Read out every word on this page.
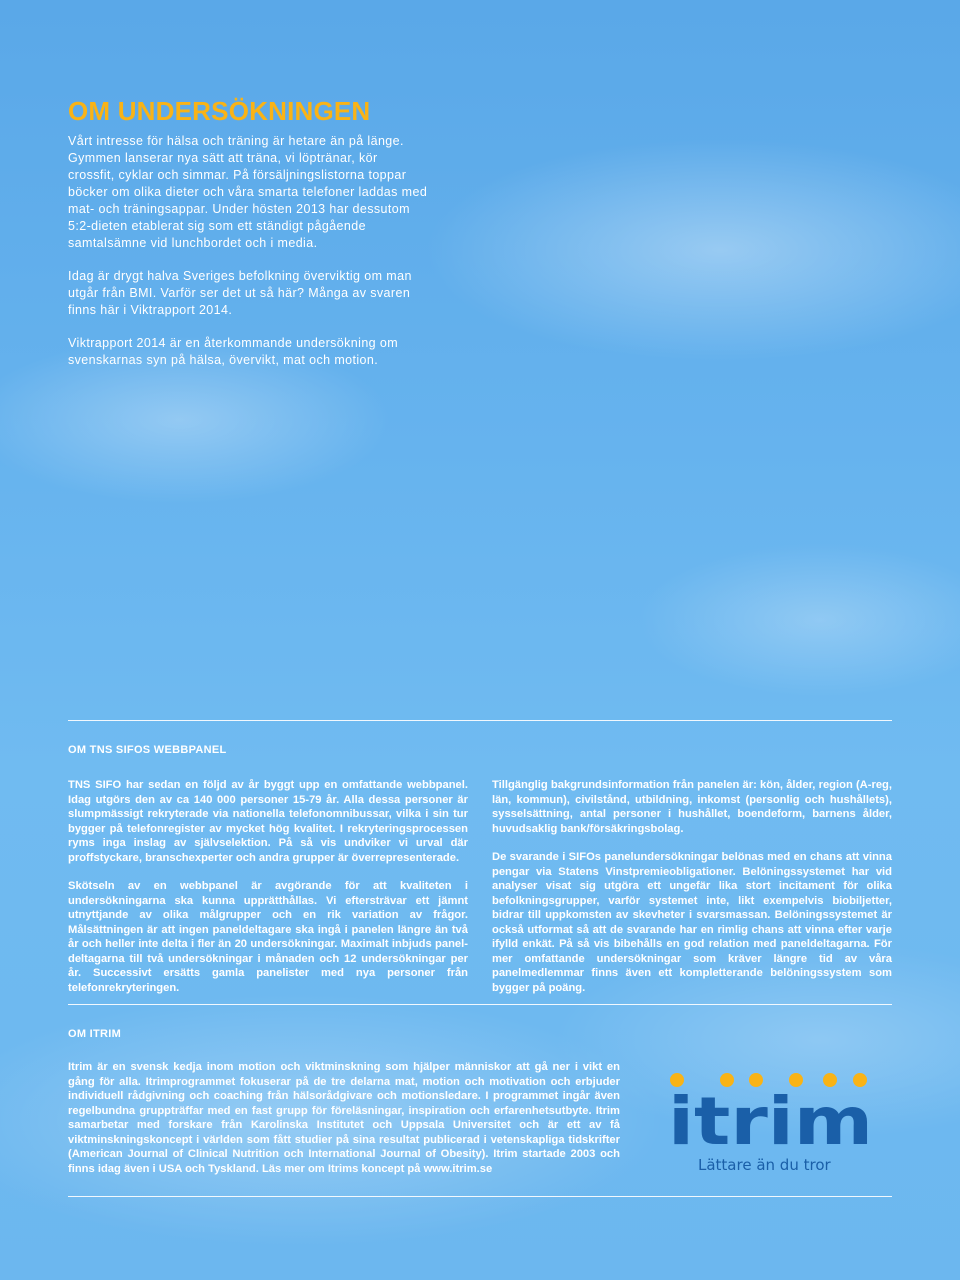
OM UNDERSÖKNINGEN

Vårt intresse för hälsa och träning är hetare än på länge. Gymmen lanserar nya sätt att träna, vi löptränar, kör crossfit, cyklar och simmar. På försäljningslistorna toppar böcker om olika dieter och våra smarta telefoner laddas med mat- och träningsappar. Under hösten 2013 har dessutom 5:2-dieten etablerat sig som ett ständigt pågående samtalsämne vid lunchbordet och i media.

Idag är drygt halva Sveriges befolkning överviktig om man utgår från BMI. Varför ser det ut så här? Många av svaren finns här i Viktrapport 2014.

Viktrapport 2014 är en återkommande undersökning om svenskarnas syn på hälsa, övervikt, mat och motion.

OM TNS SIFOS WEBBPANEL

TNS SIFO har sedan en följd av år byggt upp en omfattande webbpanel. Idag utgörs den av ca 140 000 personer 15-79 år. Alla dessa personer är slumpmässigt rekryterade via nationella telefonomnibussar, vilka i sin tur bygger på telefonregister av mycket hög kvalitet. I rekryteringsprocessen ryms inga inslag av självselektion. På så vis undviker vi urval där proffstyckare, branschexperter och andra grupper är överrepresenterade.

Skötseln av en webbpanel är avgörande för att kvaliteten i undersökningarna ska kunna upprätthållas. Vi eftersträvar ett jämnt utnyttjande av olika målgrupper och en rik variation av frågor. Målsättningen är att ingen paneldeltagare ska ingå i panelen längre än två år och heller inte delta i fler än 20 undersökningar. Maximalt inbjuds panel-deltagarna till två undersökningar i månaden och 12 undersökningar per år. Successivt ersätts gamla panelister med nya personer från telefonrekryteringen.

Tillgänglig bakgrundsinformation från panelen är: kön, ålder, region (A-reg, län, kommun), civilstånd, utbildning, inkomst (personlig och hushållets), sysselsättning, antal personer i hushållet, boendeform, barnens ålder, huvudsaklig bank/försäkringsbolag.

De svarande i SIFOs panelundersökningar belönas med en chans att vinna pengar via Statens Vinstpremieobligationer. Belöningssystemet har vid analyser visat sig utgöra ett ungefär lika stort incitament för olika befolkningsgrupper, varför systemet inte, likt exempelvis biobiljetter, bidrar till uppkomsten av skevheter i svarsmassan. Belöningssystemet är också utformat så att de svarande har en rimlig chans att vinna efter varje ifylld enkät. På så vis bibehålls en god relation med paneldeltagarna. För mer omfattande undersökningar som kräver längre tid av våra panelmedlemmar finns även ett kompletterande belöningssystem som bygger på poäng.

OM ITRIM

Itrim är en svensk kedja inom motion och viktminskning som hjälper människor att gå ner i vikt en gång för alla. Itrimprogrammet fokuserar på de tre delarna mat, motion och motivation och erbjuder individuell rådgivning och coaching från hälsorådgivare och motionsledare. I programmet ingår även regelbundna gruppträffar med en fast grupp för föreläsningar, inspiration och erfarenhetsutbyte. Itrim samarbetar med forskare från Karolinska Institutet och Uppsala Universitet och är ett av få viktminskningskoncept i världen som fått studier på sina resultat publicerad i vetenskapliga tidskrifter (American Journal of Clinical Nutrition och International Journal of Obesity). Itrim startade 2003 och finns idag även i USA och Tyskland. Läs mer om Itrims koncept på www.itrim.se

itrim
Lättare än du tror
